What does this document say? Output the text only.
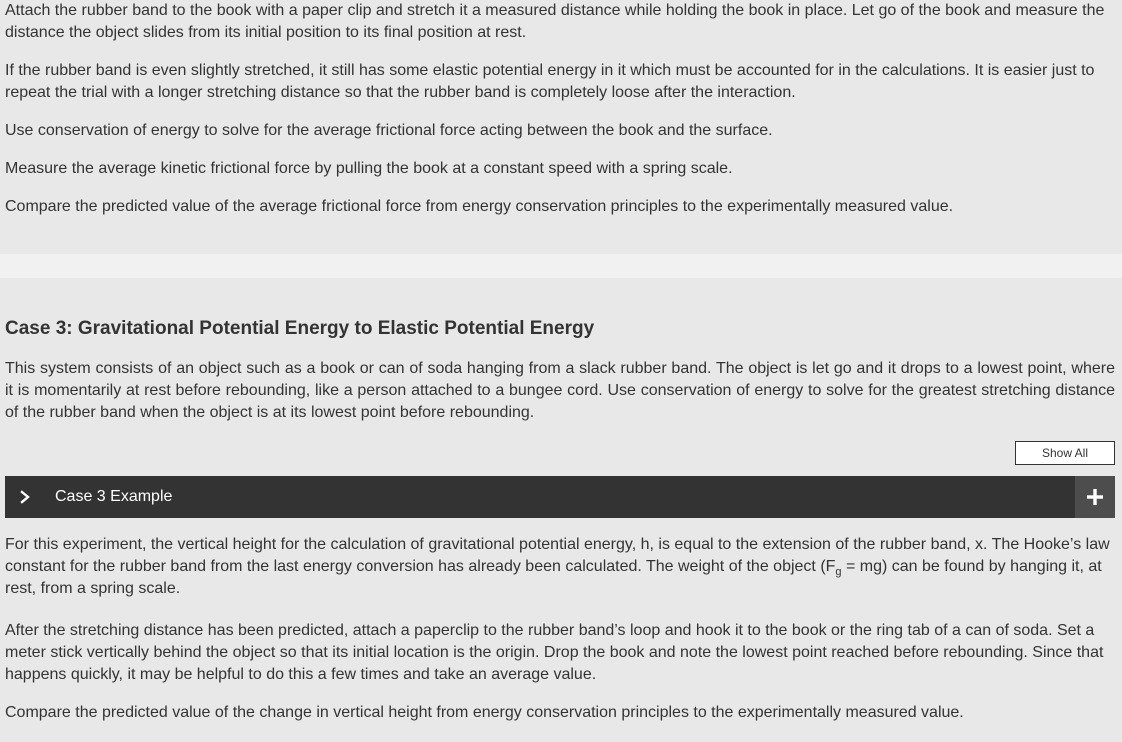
Attach the rubber band to the book with a paper clip and stretch it a measured distance while holding the book in place. Let go of the book and measure the distance the object slides from its initial position to its final position at rest.

If the rubber band is even slightly stretched, it still has some elastic potential energy in it which must be accounted for in the calculations. It is easier just to repeat the trial with a longer stretching distance so that the rubber band is completely loose after the interaction.

Use conservation of energy to solve for the average frictional force acting between the book and the surface.

Measure the average kinetic frictional force by pulling the book at a constant speed with a spring scale.

Compare the predicted value of the average frictional force from energy conservation principles to the experimentally measured value.

Case 3: Gravitational Potential Energy to Elastic Potential Energy

This system consists of an object such as a book or can of soda hanging from a slack rubber band. The object is let go and it drops to a lowest point, where it is momentarily at rest before rebounding, like a person attached to a bungee cord. Use conservation of energy to solve for the greatest stretching distance of the rubber band when the object is at its lowest point before rebounding.

Show All
Case 3 Example

For this experiment, the vertical height for the calculation of gravitational potential energy, h, is equal to the extension of the rubber band, x. The Hooke’s law constant for the rubber band from the last energy conversion has already been calculated. The weight of the object $(F_g = mg)$ can be found by hanging it, at rest, from a spring scale.

After the stretching distance has been predicted, attach a paperclip to the rubber band’s loop and hook it to the book or the ring tab of a can of soda. Set a meter stick vertically behind the object so that its initial location is the origin. Drop the book and note the lowest point reached before rebounding. Since that happens quickly, it may be helpful to do this a few times and take an average value.

Compare the predicted value of the change in vertical height from energy conservation principles to the experimentally measured value.
